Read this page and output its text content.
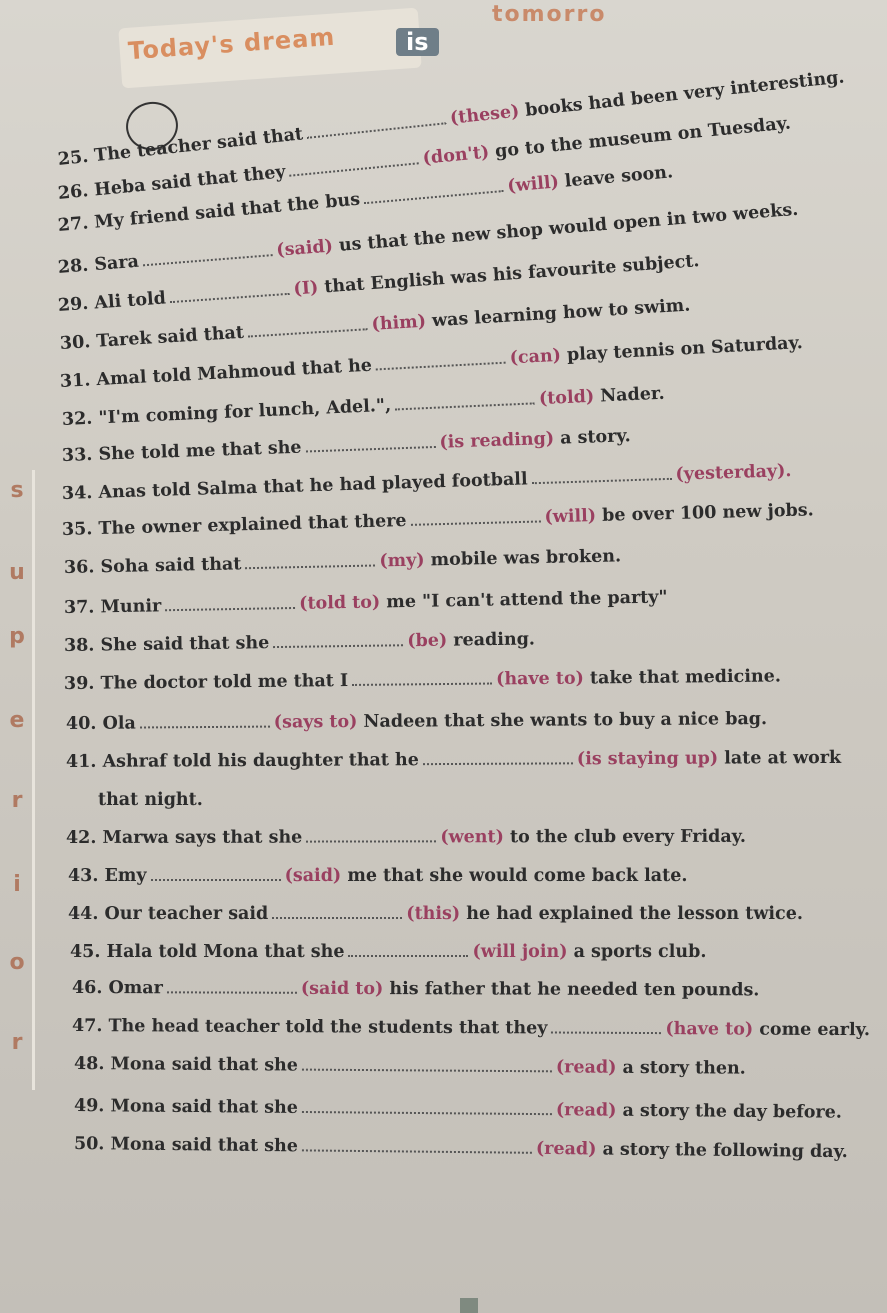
Today's dream	is
tomorro
s
u
p
e
r
i
o
r
25. The teacher said that(these) books had been very interesting.
26. Heba said that they(don't) go to the museum on Tuesday.
27. My friend said that the bus(will) leave soon.
28. Sara(said) us that the new shop would open in two weeks.
29. Ali told	(I) that English was his favourite subject.
30. Tarek said that	(him) was learning how to swim.
31. Amal told Mahmoud that he	(can) play tennis on Saturday.
32. "I'm coming for lunch, Adel.",	(told) Nader.
33. She told me that she	(is reading) a story.
34. Anas told Salma that he had played football	(yesterday).
35. The owner explained that there	(will) be over 100 new jobs.
36. Soha said that	(my) mobile was broken.
37. Munir	(told to) me "I can't attend the party"
38. She said that she	(be) reading.
39. The doctor told me that I	(have to) take that medicine.
40. Ola	(says to) Nadeen that she wants to buy a nice bag.
41. Ashraf told his daughter that he	(is staying up) late at work
that night.
42. Marwa says that she	(went) to the club every Friday.
43. Emy	(said) me that she would come back late.
44. Our teacher said	(this) he had explained the lesson twice.
45. Hala told Mona that she	(will join) a sports club.
46. Omar	(said to) his father that he needed ten pounds.
47. The head teacher told the students that they	(have to) come early.
48. Mona said that she	(read) a story then.
49. Mona said that she	(read) a story the day before.
50. Mona said that she	(read) a story the following day.
